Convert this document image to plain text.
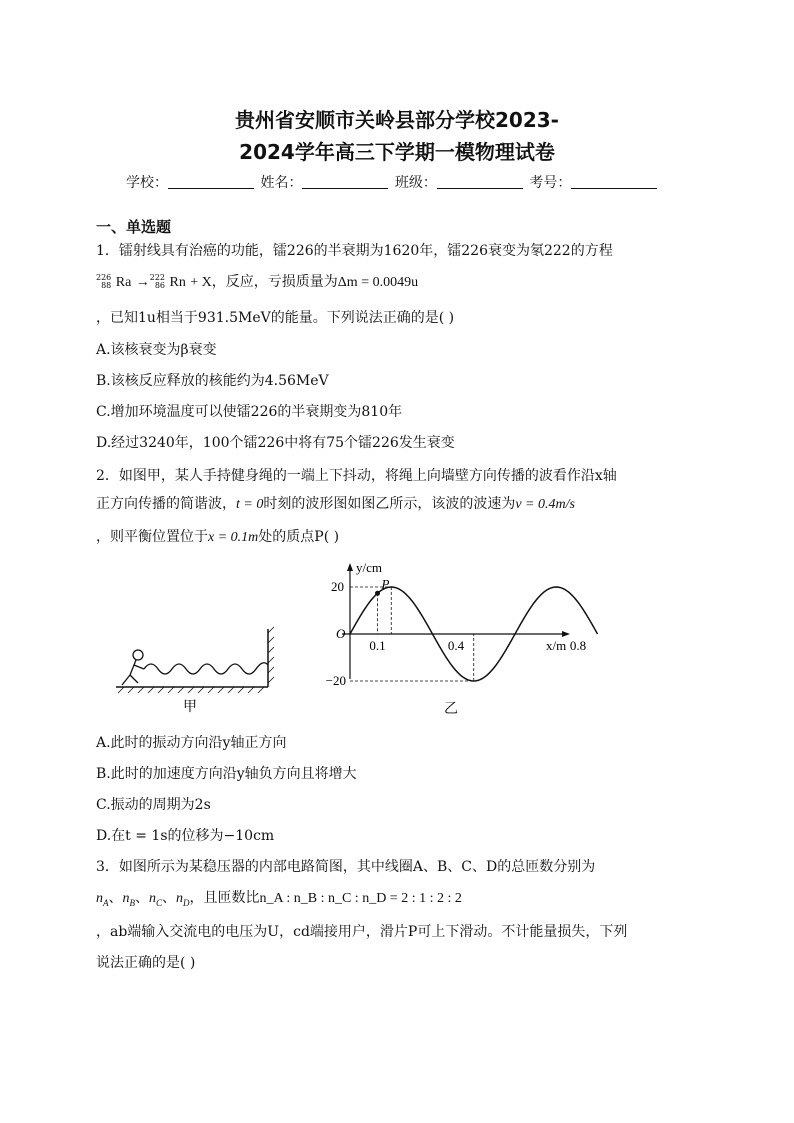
贵州省安顺市关岭县部分学校2023-
2024学年高三下学期一模物理试卷
学校：	姓名：	班级：	考号：
一、单选题
1．镭射线具有治癌的功能，镭226的半衰期为1620年，镭226衰变为氡222的方程
226
88 Ra → 222
86 Rn + X，反应，亏损质量为Δm = 0.0049u
，已知1u相当于931.5MeV的能量。下列说法正确的是( )
A.该核衰变为β衰变
B.该核反应释放的核能约为4.56MeV
C.增加环境温度可以使镭226的半衰期变为810年
D.经过3240年，100个镭226中将有75个镭226发生衰变
2．如图甲，某人手持健身绳的一端上下抖动，将绳上向墙壁方向传播的波看作沿x轴
正方向传播的简谐波，t = 0时刻的波形图如图乙所示，该波的波速为v = 0.4m/s
，则平衡位置位于x = 0.1m处的质点P( )
甲
P
y/cm
x/m
O
20
−20
0.1	0.4	0.8
乙
A.此时的振动方向沿y轴正方向
B.此时的加速度方向沿y轴负方向且将增大
C.振动的周期为2s
D.在t = 1s的位移为−10cm
3．如图所示为某稳压器的内部电路简图，其中线圈A、B、C、D的总匝数分别为
$n_A$、$n_B$、$n_C$、$n_D$，且匝数比n_A : n_B : n_C : n_D = 2 : 1 : 2 : 2
，ab端输入交流电的电压为U，cd端接用户，滑片P可上下滑动。不计能量损失，下列
说法正确的是( )
